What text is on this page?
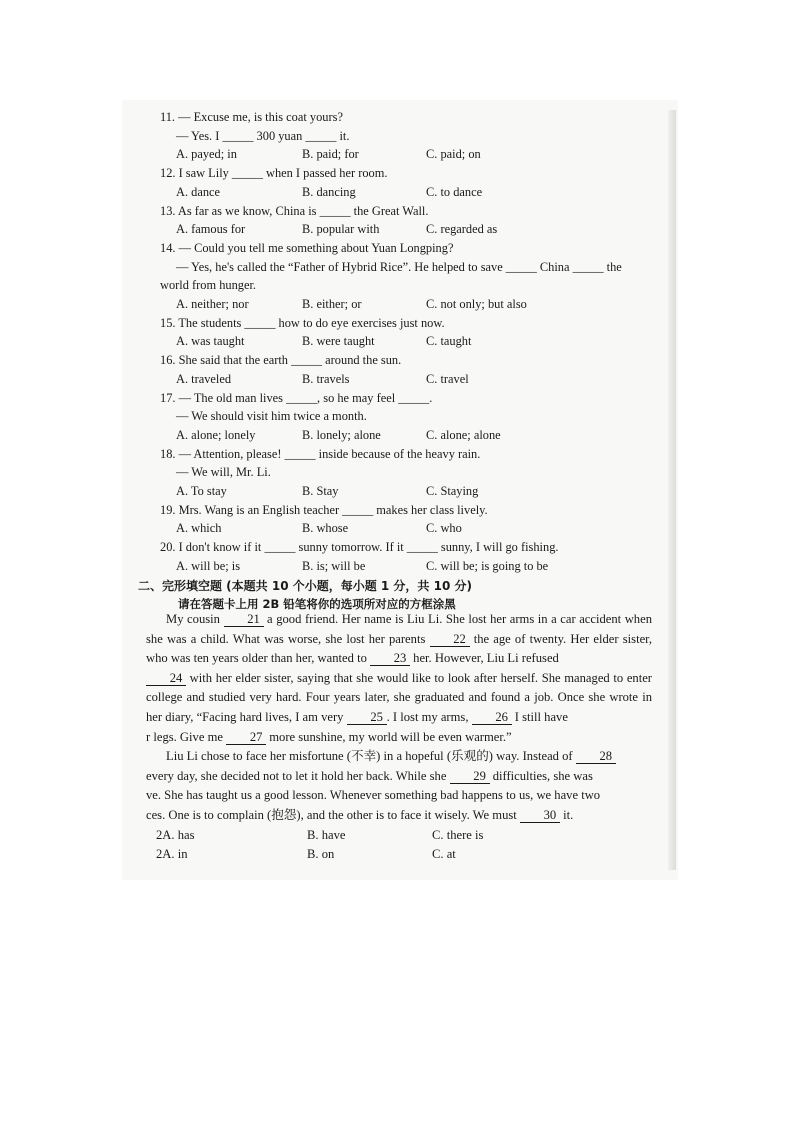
11. — Excuse me, is this coat yours?
— Yes. I _____ 300 yuan _____ it.
A. payed; in	B. paid; for	C. paid; on
12. I saw Lily _____ when I passed her room.
A. dance	B. dancing	C. to dance
13. As far as we know, China is _____ the Great Wall.
A. famous for	B. popular with	C. regarded as
14. — Could you tell me something about Yuan Longping?
— Yes, he's called the “Father of Hybrid Rice”. He helped to save _____ China _____ the
world from hunger.
A. neither; nor	B. either; or	C. not only; but also
15. The students _____ how to do eye exercises just now.
A. was taught	B. were taught	C. taught
16. She said that the earth _____ around the sun.
A. traveled	B. travels	C. travel
17. — The old man lives _____, so he may feel _____.
— We should visit him twice a month.
A. alone; lonely	B. lonely; alone	C. alone; alone
18. — Attention, please! _____ inside because of the heavy rain.
— We will, Mr. Li.
A. To stay	B. Stay	C. Staying
19. Mrs. Wang is an English teacher _____ makes her class lively.
A. which	B. whose	C. who
20. I don't know if it _____ sunny tomorrow. If it _____ sunny, I will go fishing.
A. will be; is	B. is; will be	C. will be; is going to be
二、完形填空题 (本题共 10 个小题，每小题 1 分，共 10 分)
请在答题卡上用 2B 铅笔将你的选项所对应的方框涂黑

My cousin 21 a good friend. Her name is Liu Li. She lost her arms in a car accident when she was a child. What was worse, she lost her parents 22 the age of twenty. Her elder sister, who was ten years older than her, wanted to 23 her. However, Liu Li refused
24 with her elder sister, saying that she would like to look after herself. She managed to enter college and studied very hard. Four years later, she graduated and found a job. Once she wrote in her diary, “Facing hard lives, I am very 25 . I lost my arms, 26 I still have
r legs. Give me 27 more sunshine, my world will be even warmer.”

Liu Li chose to face her misfortune (不幸) in a hopeful (乐观的) way. Instead of 28
every day, she decided not to let it hold her back. While she 29 difficulties, she was
ve. She has taught us a good lesson. Whenever something bad happens to us, we have two
ces. One is to complain (抱怨), and the other is to face it wisely. We must 30 it.

2A. has	B. have	C. there is
2A. in	B. on	C. at
